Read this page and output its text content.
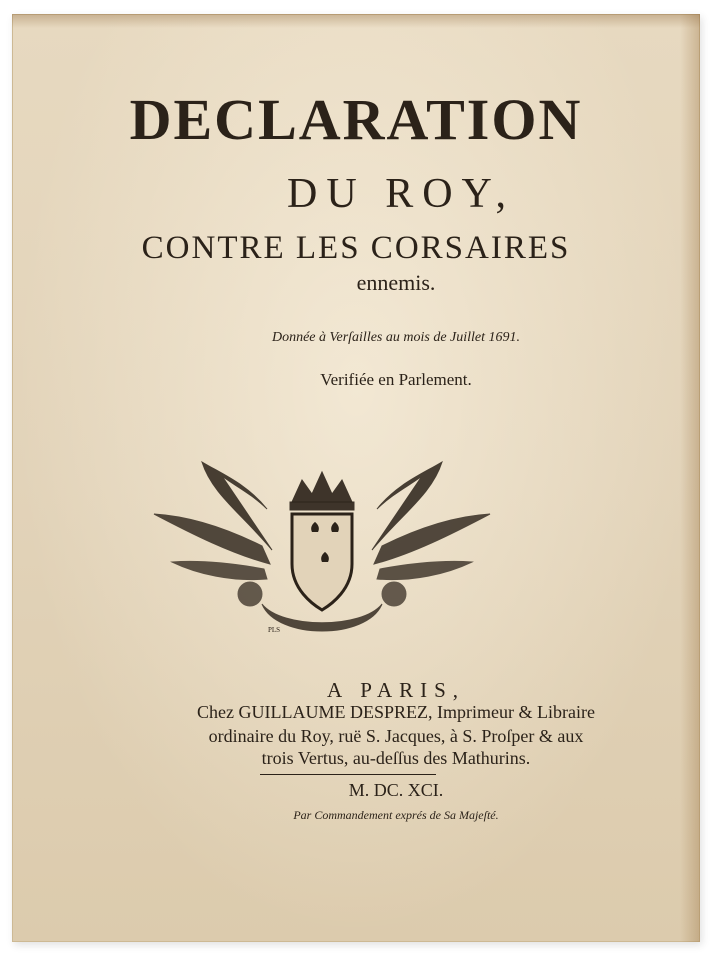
DECLARATION
DU ROY,
CONTRE LES CORSAIRES
ennemis.
Donnée à Verſailles au mois de Juillet 1691.
Verifiée en Parlement.
PLS
A PARIS,
Chez GUILLAUME DESPREZ, Imprimeur & Libraire
ordinaire du Roy, ruë S. Jacques, à S. Proſper & aux
trois Vertus, au-deſſus des Mathurins.
M. DC. XCI.
Par Commandement exprés de Sa Majeſté.
